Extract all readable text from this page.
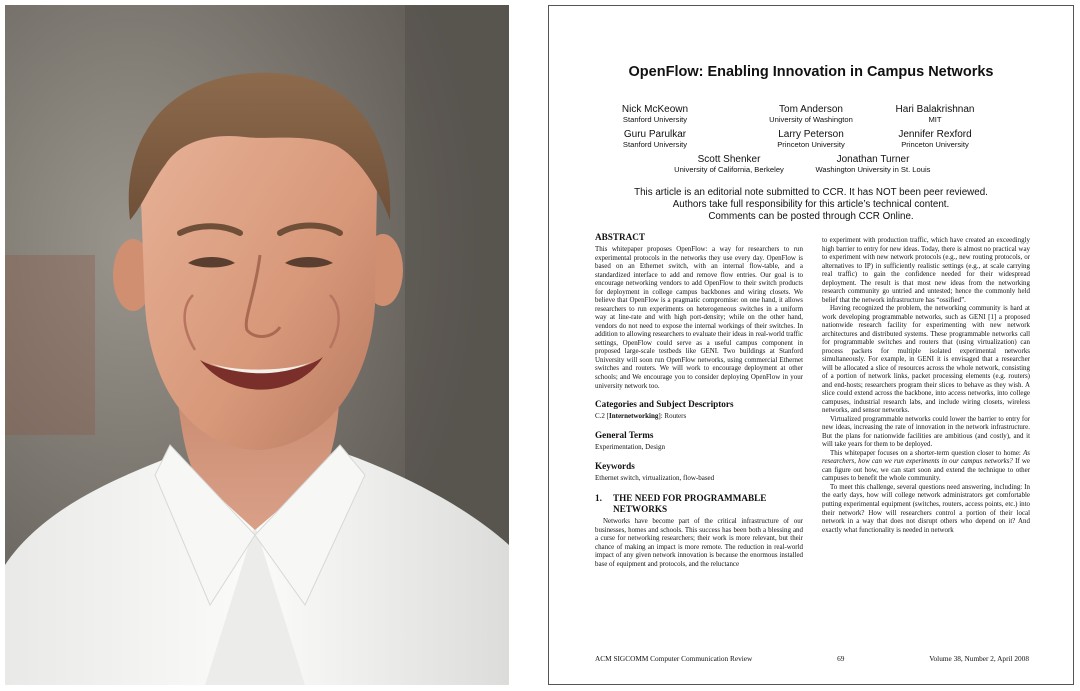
OpenFlow: Enabling Innovation in Campus Networks
Nick McKeown
Stanford University
Tom Anderson
University of Washington
Hari Balakrishnan
MIT
Guru Parulkar
Stanford University
Larry Peterson
Princeton University
Jennifer Rexford
Princeton University
Scott Shenker
University of California, Berkeley
Jonathan Turner
Washington University in St. Louis
This article is an editorial note submitted to CCR. It has NOT been peer reviewed.
Authors take full responsibility for this article’s technical content.
Comments can be posted through CCR Online.
ABSTRACT

This whitepaper proposes OpenFlow: a way for researchers to run experimental protocols in the networks they use every day. OpenFlow is based on an Ethernet switch, with an internal flow-table, and a standardized interface to add and remove flow entries. Our goal is to encourage networking vendors to add OpenFlow to their switch products for deployment in college campus backbones and wiring closets. We believe that OpenFlow is a pragmatic compromise: on one hand, it allows researchers to run experiments on heterogeneous switches in a uniform way at line-rate and with high port-density; while on the other hand, vendors do not need to expose the internal workings of their switches. In addition to allowing researchers to evaluate their ideas in real-world traffic settings, OpenFlow could serve as a useful campus component in proposed large-scale testbeds like GENI. Two buildings at Stanford University will soon run OpenFlow networks, using commercial Ethernet switches and routers. We will work to encourage deployment at other schools; and We encourage you to consider deploying OpenFlow in your university network too.

Categories and Subject Descriptors
C.2 [Internetworking]: Routers
General Terms
Experimentation, Design
Keywords
Ethernet switch, virtualization, flow-based
1.	THE NEED FOR PROGRAMMABLE NETWORKS

Networks have become part of the critical infrastructure of our businesses, homes and schools. This success has been both a blessing and a curse for networking researchers; their work is more relevant, but their chance of making an impact is more remote. The reduction in real-world impact of any given network innovation is because the enormous installed base of equipment and protocols, and the reluctance

to experiment with production traffic, which have created an exceedingly high barrier to entry for new ideas. Today, there is almost no practical way to experiment with new network protocols (e.g., new routing protocols, or alternatives to IP) in sufficiently realistic settings (e.g., at scale carrying real traffic) to gain the confidence needed for their widespread deployment. The result is that most new ideas from the networking research community go untried and untested; hence the commonly held belief that the network infrastructure has “ossified”.

Having recognized the problem, the networking community is hard at work developing programmable networks, such as GENI [1] a proposed nationwide research facility for experimenting with new network architectures and distributed systems. These programmable networks call for programmable switches and routers that (using virtualization) can process packets for multiple isolated experimental networks simultaneously. For example, in GENI it is envisaged that a researcher will be allocated a slice of resources across the whole network, consisting of a portion of network links, packet processing elements (e.g. routers) and end-hosts; researchers program their slices to behave as they wish. A slice could extend across the backbone, into access networks, into college campuses, industrial research labs, and include wiring closets, wireless networks, and sensor networks.

Virtualized programmable networks could lower the barrier to entry for new ideas, increasing the rate of innovation in the network infrastructure. But the plans for nationwide facilities are ambitious (and costly), and it will take years for them to be deployed.

This whitepaper focuses on a shorter-term question closer to home: As researchers, how can we run experiments in our campus networks? If we can figure out how, we can start soon and extend the technique to other campuses to benefit the whole community.

To meet this challenge, several questions need answering, including: In the early days, how will college network administrators get comfortable putting experimental equipment (switches, routers, access points, etc.) into their network? How will researchers control a portion of their local network in a way that does not disrupt others who depend on it? And exactly what functionality is needed in network

ACM SIGCOMM Computer Communication Review	69	Volume 38, Number 2, April 2008
